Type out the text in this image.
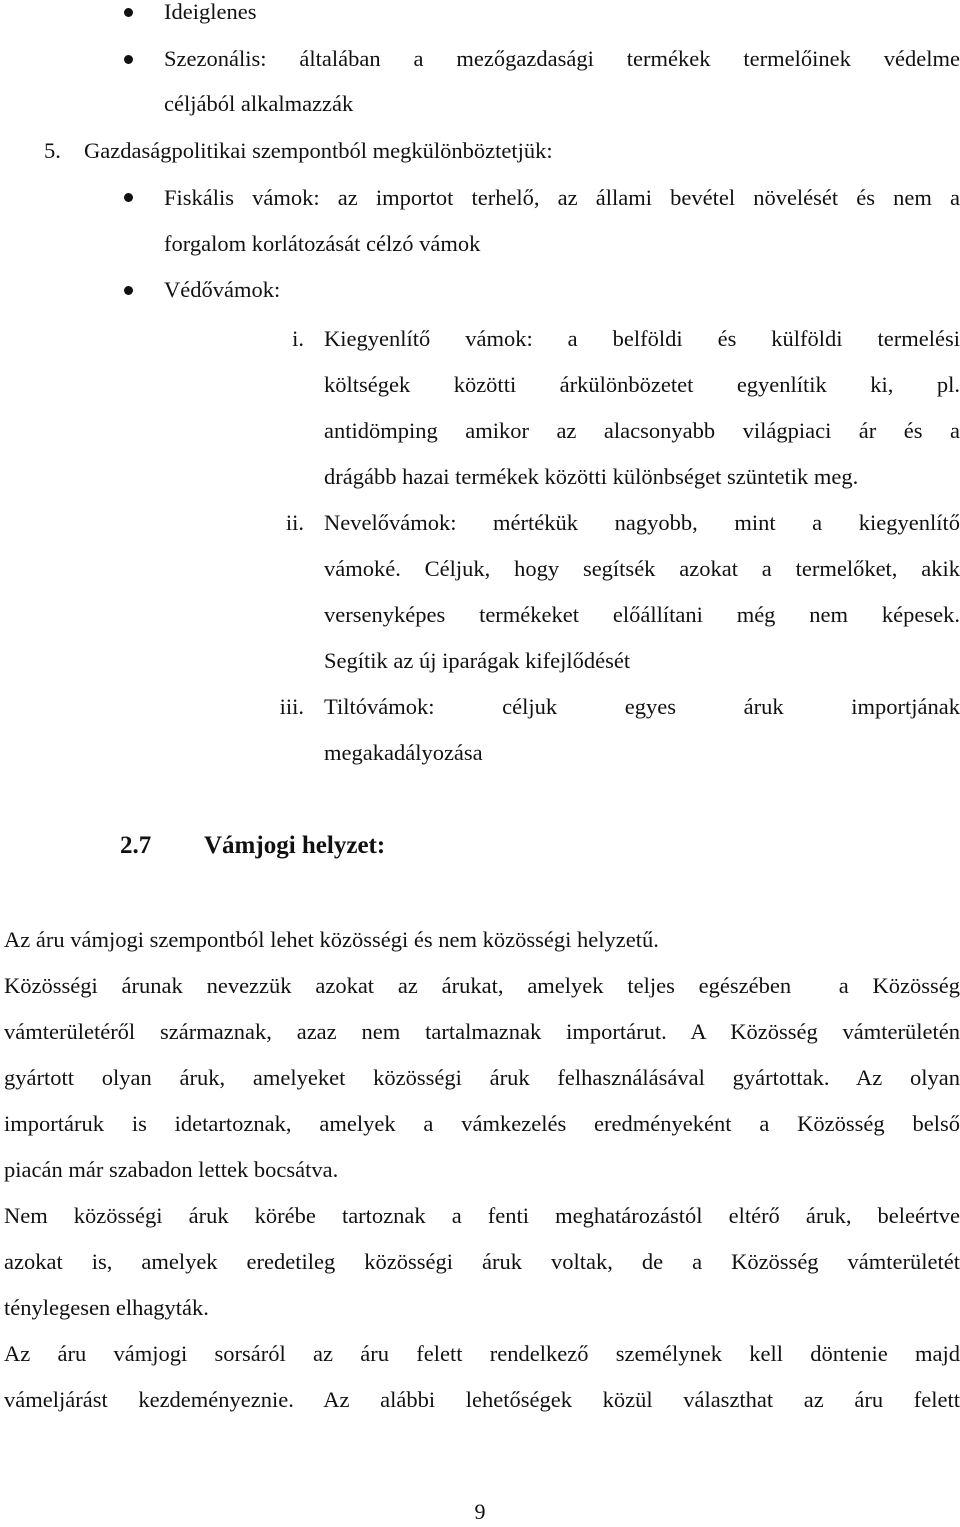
Ideiglenes
Szezonális: általában a mezőgazdasági termékek termelőinek védelme
céljából alkalmazzák
5. Gazdaságpolitikai szempontból megkülönböztetjük:
Fiskális vámok: az importot terhelő, az állami bevétel növelését és nem a
forgalom korlátozását célzó vámok
Védővámok:
i. Kiegyenlítő vámok: a belföldi és külföldi termelési
költségek közötti árkülönbözetet egyenlítik ki, pl.
antidömping amikor az alacsonyabb világpiaci ár és a
drágább hazai termékek közötti különbséget szüntetik meg.
ii. Nevelővámok: mértékük nagyobb, mint a kiegyenlítő
vámoké. Céljuk, hogy segítsék azokat a termelőket, akik
versenyképes termékeket előállítani még nem képesek.
Segítik az új iparágak kifejlődését
iii. Tiltóvámok: céljuk egyes áruk importjának
megakadályozása
2.7 Vámjogi helyzet:
Az áru vámjogi szempontból lehet közösségi és nem közösségi helyzetű.
Közösségi árunak nevezzük azokat az árukat, amelyek teljes egészében  a Közösség
vámterületéről származnak, azaz nem tartalmaznak importárut. A Közösség vámterületén
gyártott olyan áruk, amelyeket közösségi áruk felhasználásával gyártottak. Az olyan
importáruk is idetartoznak, amelyek a vámkezelés eredményeként a Közösség belső
piacán már szabadon lettek bocsátva.
Nem közösségi áruk körébe tartoznak a fenti meghatározástól eltérő áruk, beleértve
azokat is, amelyek eredetileg közösségi áruk voltak, de a Közösség vámterületét
ténylegesen elhagyták.
Az áru vámjogi sorsáról az áru felett rendelkező személynek kell döntenie majd
vámeljárást kezdeményeznie. Az alábbi lehetőségek közül választhat az áru felett
9
